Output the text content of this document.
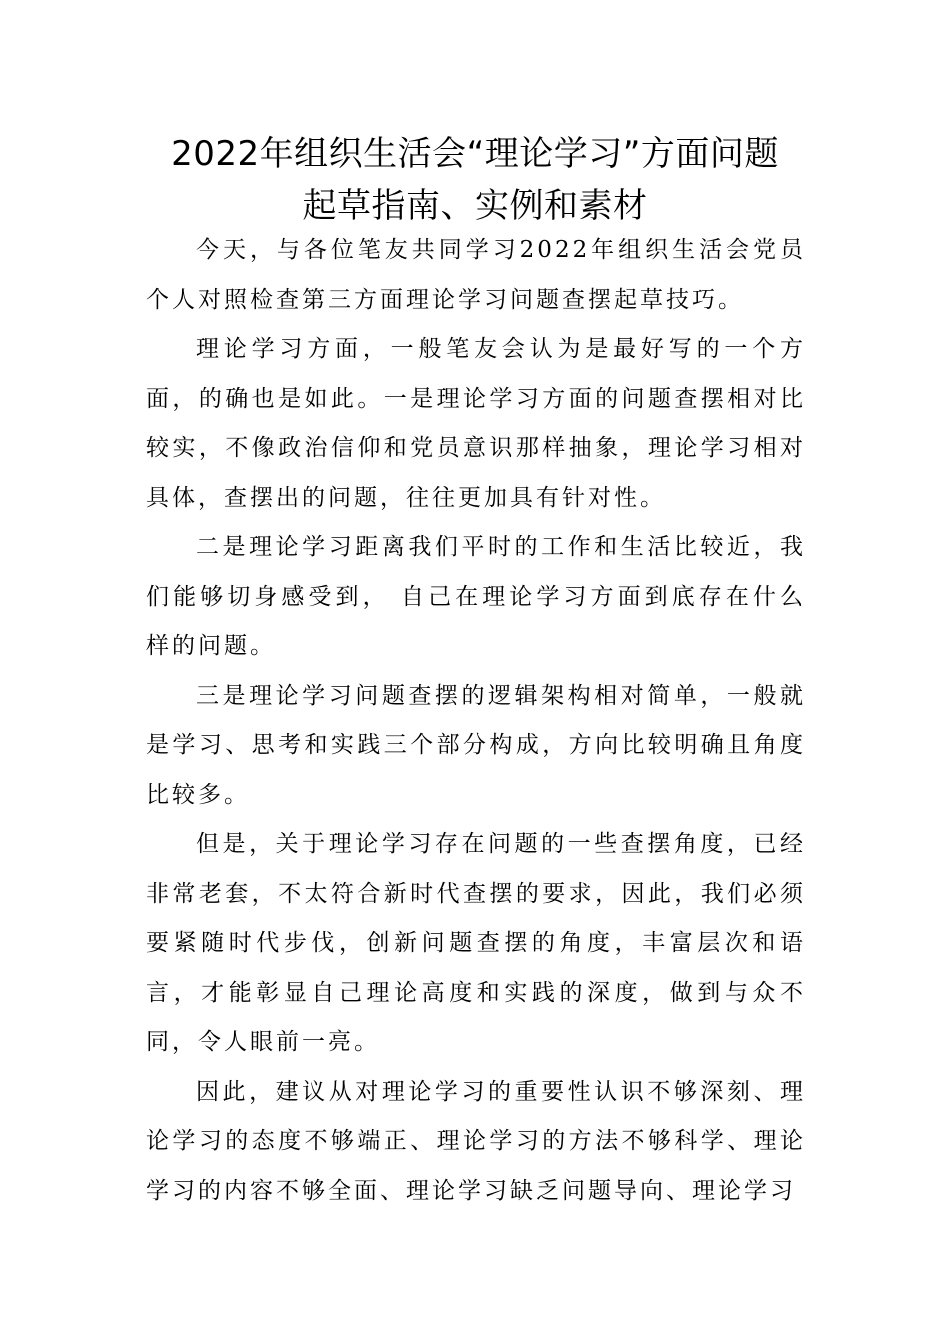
2022年组织生活会“理论学习”方面问题
起草指南、实例和素材

今天，与各位笔友共同学习2022年组织生活会党员个人对照检查第三方面理论学习问题查摆起草技巧。

理论学习方面，一般笔友会认为是最好写的一个方面，的确也是如此。一是理论学习方面的问题查摆相对比较实，不像政治信仰和党员意识那样抽象，理论学习相对具体，查摆出的问题，往往更加具有针对性。

二是理论学习距离我们平时的工作和生活比较近，我们能够切身感受到， 自己在理论学习方面到底存在什么样的问题。

三是理论学习问题查摆的逻辑架构相对简单，一般就是学习、思考和实践三个部分构成，方向比较明确且角度比较多。

但是，关于理论学习存在问题的一些查摆角度，已经非常老套，不太符合新时代查摆的要求，因此，我们必须要紧随时代步伐，创新问题查摆的角度，丰富层次和语言，才能彰显自己理论高度和实践的深度，做到与众不同，令人眼前一亮。

因此，建议从对理论学习的重要性认识不够深刻、理论学习的态度不够端正、理论学习的方法不够科学、理论学习的内容不够全面、理论学习缺乏问题导向、理论学习
